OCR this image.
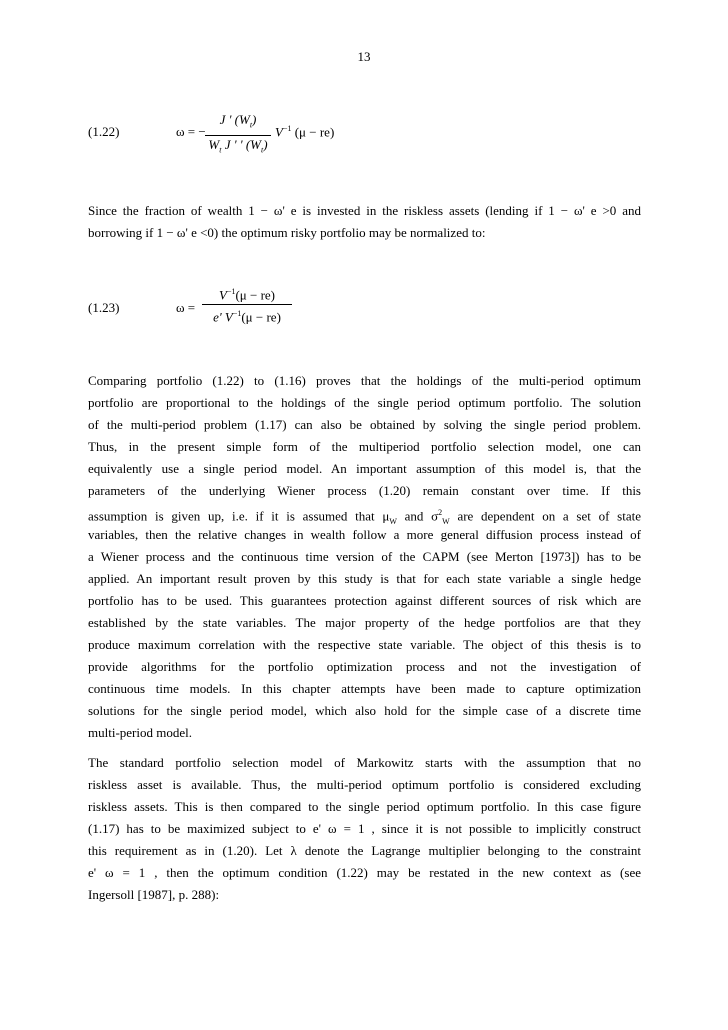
13
(1.22)	ω = −
J ' $(W_t)$
$W_t$ J ' ' $(W_t)$
$V^{-1}$ (μ − re)
Since the fraction of wealth 1 − ω' e is invested in the riskless assets (lending if 1 − ω' e >0 and
borrowing if 1 − ω' e <0) the optimum risky portfolio may be normalized to:
(1.23)	ω =
$V^{-1}(\mu - re)$
e' $V^{-1}(\mu - re)$
Comparing portfolio (1.22) to (1.16) proves that the holdings of the multi-period optimum
portfolio are proportional to the holdings of the single period optimum portfolio. The solution
of the multi-period problem (1.17) can also be obtained by solving the single period problem.
Thus, in the present simple form of the multiperiod portfolio selection model, one can
equivalently use a single period model. An important assumption of this model is, that the
parameters of the underlying Wiener process (1.20) remain constant over time. If this
assumption is given up, i.e. if it is assumed that $\mu_W$ and $\sigma^2_W$ are dependent on a set of state
variables, then the relative changes in wealth follow a more general diffusion process instead of
a Wiener process and the continuous time version of the CAPM (see Merton [1973]) has to be
applied. An important result proven by this study is that for each state variable a single hedge
portfolio has to be used. This guarantees protection against different sources of risk which are
established by the state variables. The major property of the hedge portfolios are that they
produce maximum correlation with the respective state variable. The object of this thesis is to
provide algorithms for the portfolio optimization process and not the investigation of
continuous time models. In this chapter attempts have been made to capture optimization
solutions for the single period model, which also hold for the simple case of a discrete time
multi-period model.
The standard portfolio selection model of Markowitz starts with the assumption that no
riskless asset is available. Thus, the multi-period optimum portfolio is considered excluding
riskless assets. This is then compared to the single period optimum portfolio. In this case figure
(1.17) has to be maximized subject to e' ω = 1 , since it is not possible to implicitly construct
this requirement as in (1.20). Let λ denote the Lagrange multiplier belonging to the constraint
e' ω = 1 , then the optimum condition (1.22) may be restated in the new context as (see
Ingersoll [1987], p. 288):
